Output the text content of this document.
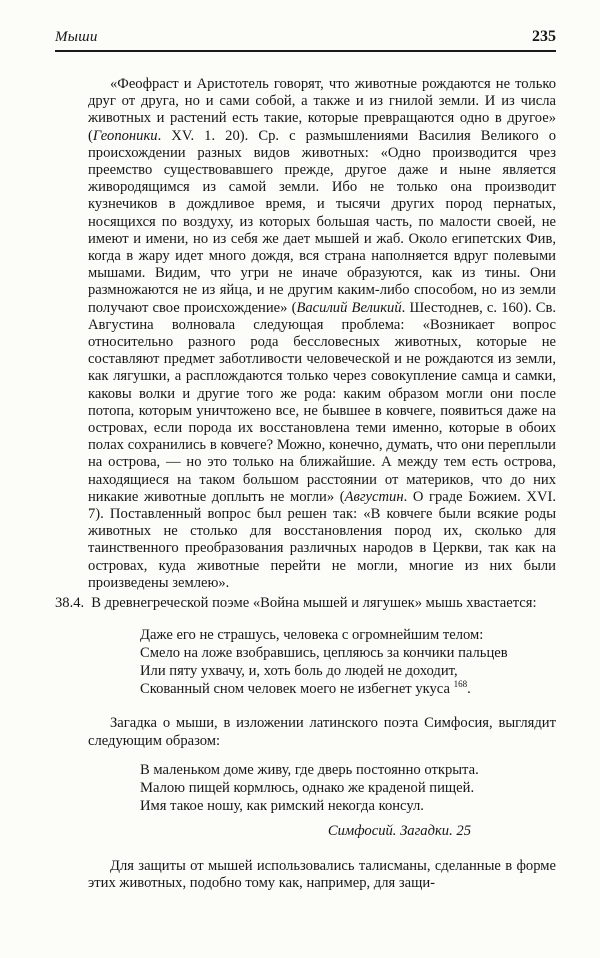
Мыши	235

«Феофраст и Аристотель говорят, что животные рождаются не только друг от друга, но и сами собой, а также и из гнилой земли. И из числа животных и растений есть такие, которые превращаются одно в другое» (Геопоники. XV. 1. 20). Ср. с размышлениями Василия Великого о происхождении разных видов животных: «Одно производится чрез преемство существовавшего прежде, другое даже и ныне является живородящимся из самой земли. Ибо не только она производит кузнечиков в дождливое время, и тысячи других пород пернатых, носящихся по воздуху, из которых большая часть, по малости своей, не имеют и имени, но из себя же дает мышей и жаб. Около египетских Фив, когда в жару идет много дождя, вся страна наполняется вдруг полевыми мышами. Видим, что угри не иначе образуются, как из тины. Они размножаются не из яйца, и не другим каким-либо способом, но из земли получают свое происхождение» (Василий Великий. Шестоднев, с. 160). Св. Августина волновала следующая проблема: «Возникает вопрос относительно разного рода бессловесных животных, которые не составляют предмет заботливости человеческой и не рождаются из земли, как лягушки, а расплождаются только через совокупление самца и самки, каковы волки и другие того же рода: каким образом могли они после потопа, которым уничтожено все, не бывшее в ковчеге, появиться даже на островах, если порода их восстановлена теми именно, которые в обоих полах сохранились в ковчеге? Можно, конечно, думать, что они переплыли на острова, — но это только на ближайшие. А между тем есть острова, находящиеся на таком большом расстоянии от материков, что до них никакие животные доплыть не могли» (Августин. О граде Божием. XVI. 7). Поставленный вопрос был решен так: «В ковчеге были всякие роды животных не столько для восстановления пород их, сколько для таинственного преобразования различных народов в Церкви, так как на островах, куда животные перейти не могли, многие из них были произведены землею».

38.4. В древнегреческой поэме «Война мышей и лягушек» мышь хвастается:

Даже его не страшусь, человека с огромнейшим телом:
Смело на ложе взобравшись, цепляюсь за кончики пальцев
Или пяту ухвачу, и, хоть боль до людей не доходит,
Скованный сном человек моего не избегнет укуса $^{168}$.

Загадка о мыши, в изложении латинского поэта Симфосия, выглядит следующим образом:

В маленьком доме живу, где дверь постоянно открыта.
Малою пищей кормлюсь, однако же краденой пищей.
Имя такое ношу, как римский некогда консул.
Симфосий. Загадки. 25

Для защиты от мышей использовались талисманы, сделанные в форме этих животных, подобно тому как, например, для защи-
